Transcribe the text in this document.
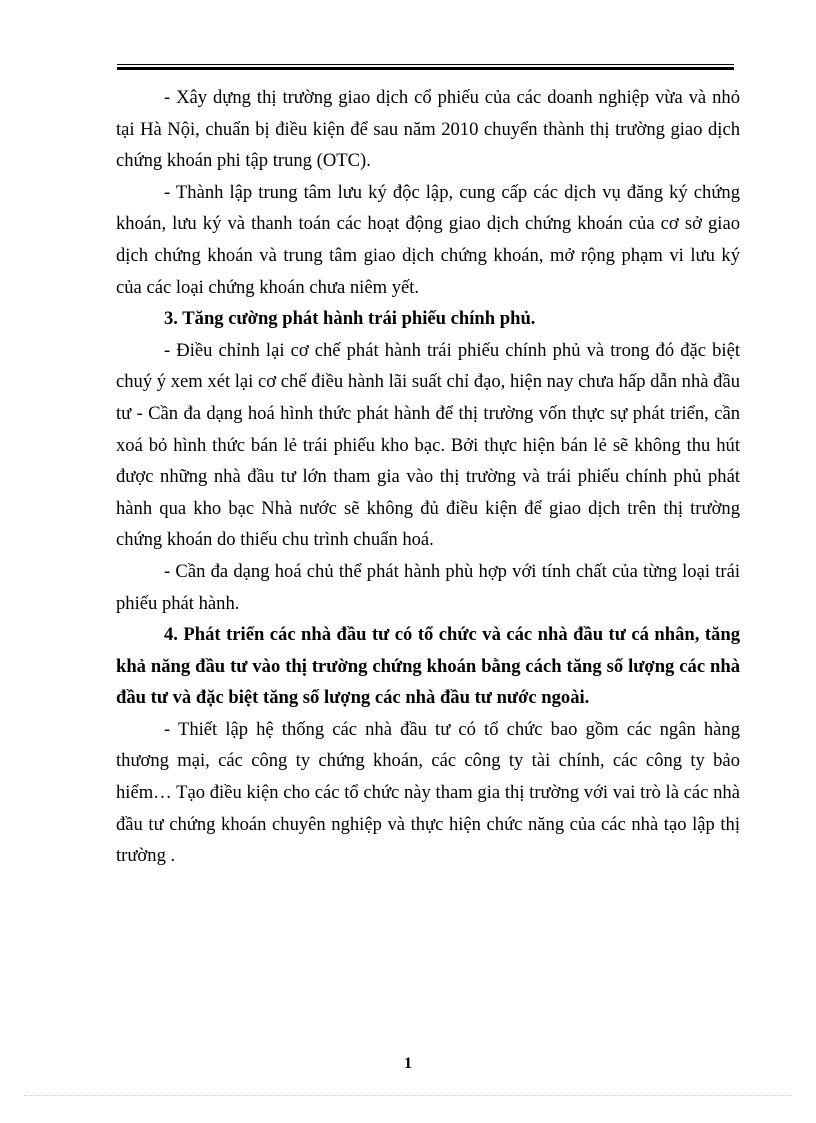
- Xây dựng thị trường giao dịch cổ phiếu của các doanh nghiệp vừa và nhỏ tại Hà Nội, chuẩn bị điều kiện để sau năm 2010 chuyển thành thị trường giao dịch chứng khoán phi tập trung (OTC).

- Thành lập trung tâm lưu ký độc lập, cung cấp các dịch vụ đăng ký chứng khoán, lưu ký và thanh toán các hoạt động giao dịch chứng khoán của cơ sở giao dịch chứng khoán và trung tâm giao dịch chứng khoán, mở rộng phạm vi lưu ký của các loại chứng khoán chưa niêm yết.

3. Tăng cường phát hành trái phiếu chính phủ.

- Điều chỉnh lại cơ chế phát hành trái phiếu chính phủ và trong đó đặc biệt chuý ý xem xét lại cơ chế điều hành lãi suất chỉ đạo, hiện nay chưa hấp dẫn nhà đầu tư - Cần đa dạng hoá hình thức phát hành để thị trường vốn thực sự phát triển, cần xoá bỏ hình thức bán lẻ trái phiếu kho bạc. Bởi thực hiện bán lẻ sẽ không thu hút được những nhà đầu tư lớn tham gia vào thị trường và trái phiếu chính phủ phát hành qua kho bạc Nhà nước sẽ không đủ điều kiện để giao dịch trên thị trường chứng khoán do thiếu chu trình chuẩn hoá.

- Cần đa dạng hoá chủ thể phát hành phù hợp với tính chất của từng loại trái phiếu phát hành.

4. Phát triển các nhà đầu tư có tổ chức và các nhà đầu tư cá nhân, tăng khả năng đầu tư vào thị trường chứng khoán bằng cách tăng số lượng các nhà đầu tư và đặc biệt tăng số lượng các nhà đầu tư nước ngoài.

- Thiết lập hệ thống các nhà đầu tư có tổ chức bao gồm các ngân hàng thương mại, các công ty chứng khoán, các công ty tài chính, các công ty bảo hiểm… Tạo điều kiện cho các tổ chức này tham gia thị trường với vai trò là các nhà đầu tư chứng khoán chuyên nghiệp và thực hiện chức năng của các nhà tạo lập thị trường .

1
